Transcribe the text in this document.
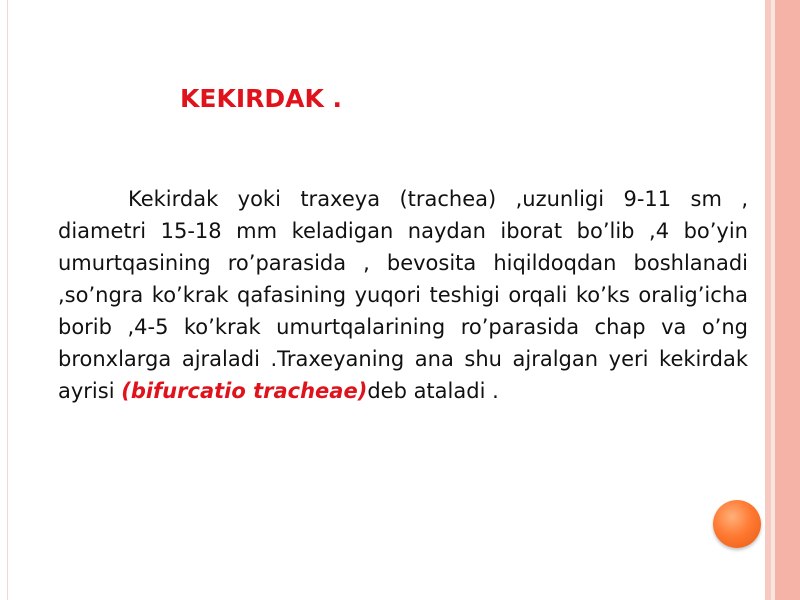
KEKIRDAK .

Kekirdak yoki traxeya (trachea) ,uzunligi 9-11 sm , diametri 15-18 mm keladigan naydan iborat bo’lib ,4 bo’yin umurtqasining ro’parasida , bevosita hiqildoqdan boshlanadi ,so’ngra ko’krak qafasining yuqori teshigi orqali ko’ks oralig’icha borib ,4-5 ko’krak umurtqalarining ro’parasida chap va o’ng bronxlarga ajraladi .Traxeyaning ana shu ajralgan yeri kekirdak ayrisi (bifurcatio tracheae)deb ataladi .
